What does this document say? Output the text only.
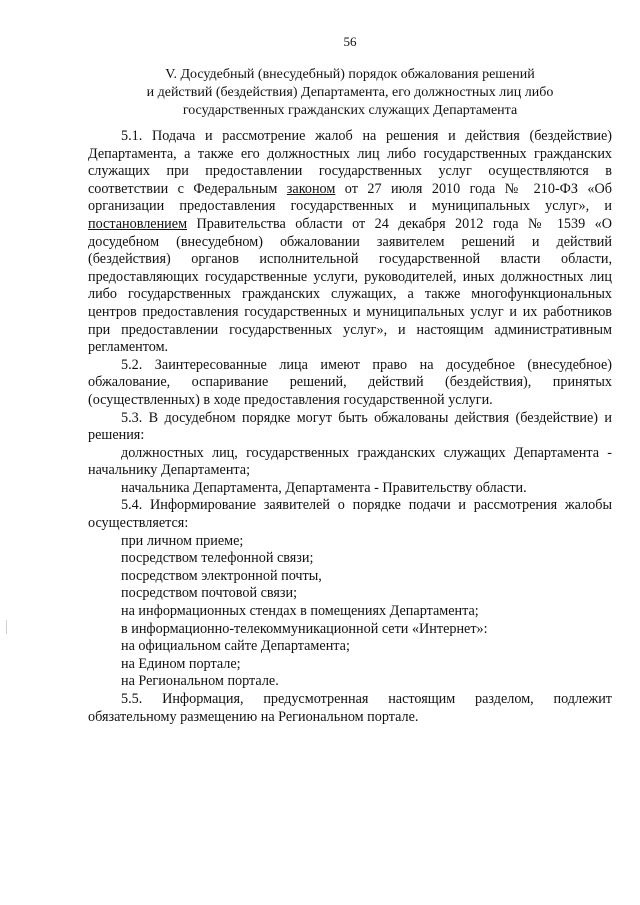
56
V. Досудебный (внесудебный) порядок обжалования решений
и действий (бездействия) Департамента, его должностных лиц либо
государственных гражданских служащих Департамента

5.1. Подача и рассмотрение жалоб на решения и действия (бездействие) Департамента, а также его должностных лиц либо государственных гражданских служащих при предоставлении государственных услуг осуществляются в соответствии с Федеральным законом от 27 июля 2010 года № 210-ФЗ «Об организации предоставления государственных и муниципальных услуг», и постановлением Правительства области от 24 декабря 2012 года № 1539 «О досудебном (внесудебном) обжаловании заявителем решений и действий (бездействия) органов исполнительной государственной власти области, предоставляющих государственные услуги, руководителей, иных должностных лиц либо государственных гражданских служащих, а также многофункциональных центров предоставления государственных и муниципальных услуг и их работников при предоставлении государственных услуг», и настоящим административным регламентом.

5.2. Заинтересованные лица имеют право на досудебное (внесудебное) обжалование, оспаривание решений, действий (бездействия), принятых (осуществленных) в ходе предоставления государственной услуги.

5.3. В досудебном порядке могут быть обжалованы действия (бездействие) и решения:

должностных лиц, государственных гражданских служащих Департамента - начальнику Департамента;

начальника Департамента, Департамента - Правительству области.

5.4. Информирование заявителей о порядке подачи и рассмотрения жалобы осуществляется:

при личном приеме;

посредством телефонной связи;

посредством электронной почты,

посредством почтовой связи;

на информационных стендах в помещениях Департамента;

в информационно-телекоммуникационной сети «Интернет»:

на официальном сайте Департамента;

на Едином портале;

на Региональном портале.

5.5. Информация, предусмотренная настоящим разделом, подлежит обязательному размещению на Региональном портале.
